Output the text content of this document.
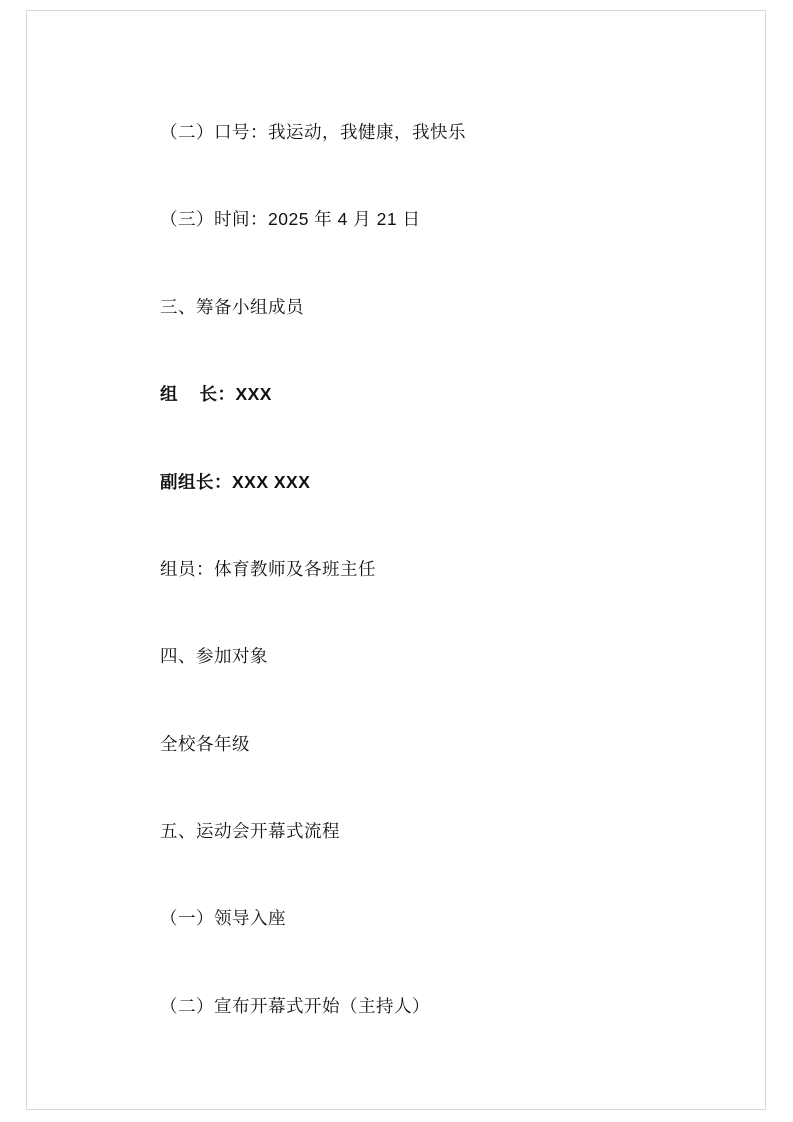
（二）口号：我运动，我健康，我快乐

（三）时间：2025 年 4 月 21 日

三、筹备小组成员

组    长：XXX

副组长：XXX XXX

组员：体育教师及各班主任

四、参加对象

全校各年级

五、运动会开幕式流程

（一）领导入座

（二）宣布开幕式开始（主持人）
